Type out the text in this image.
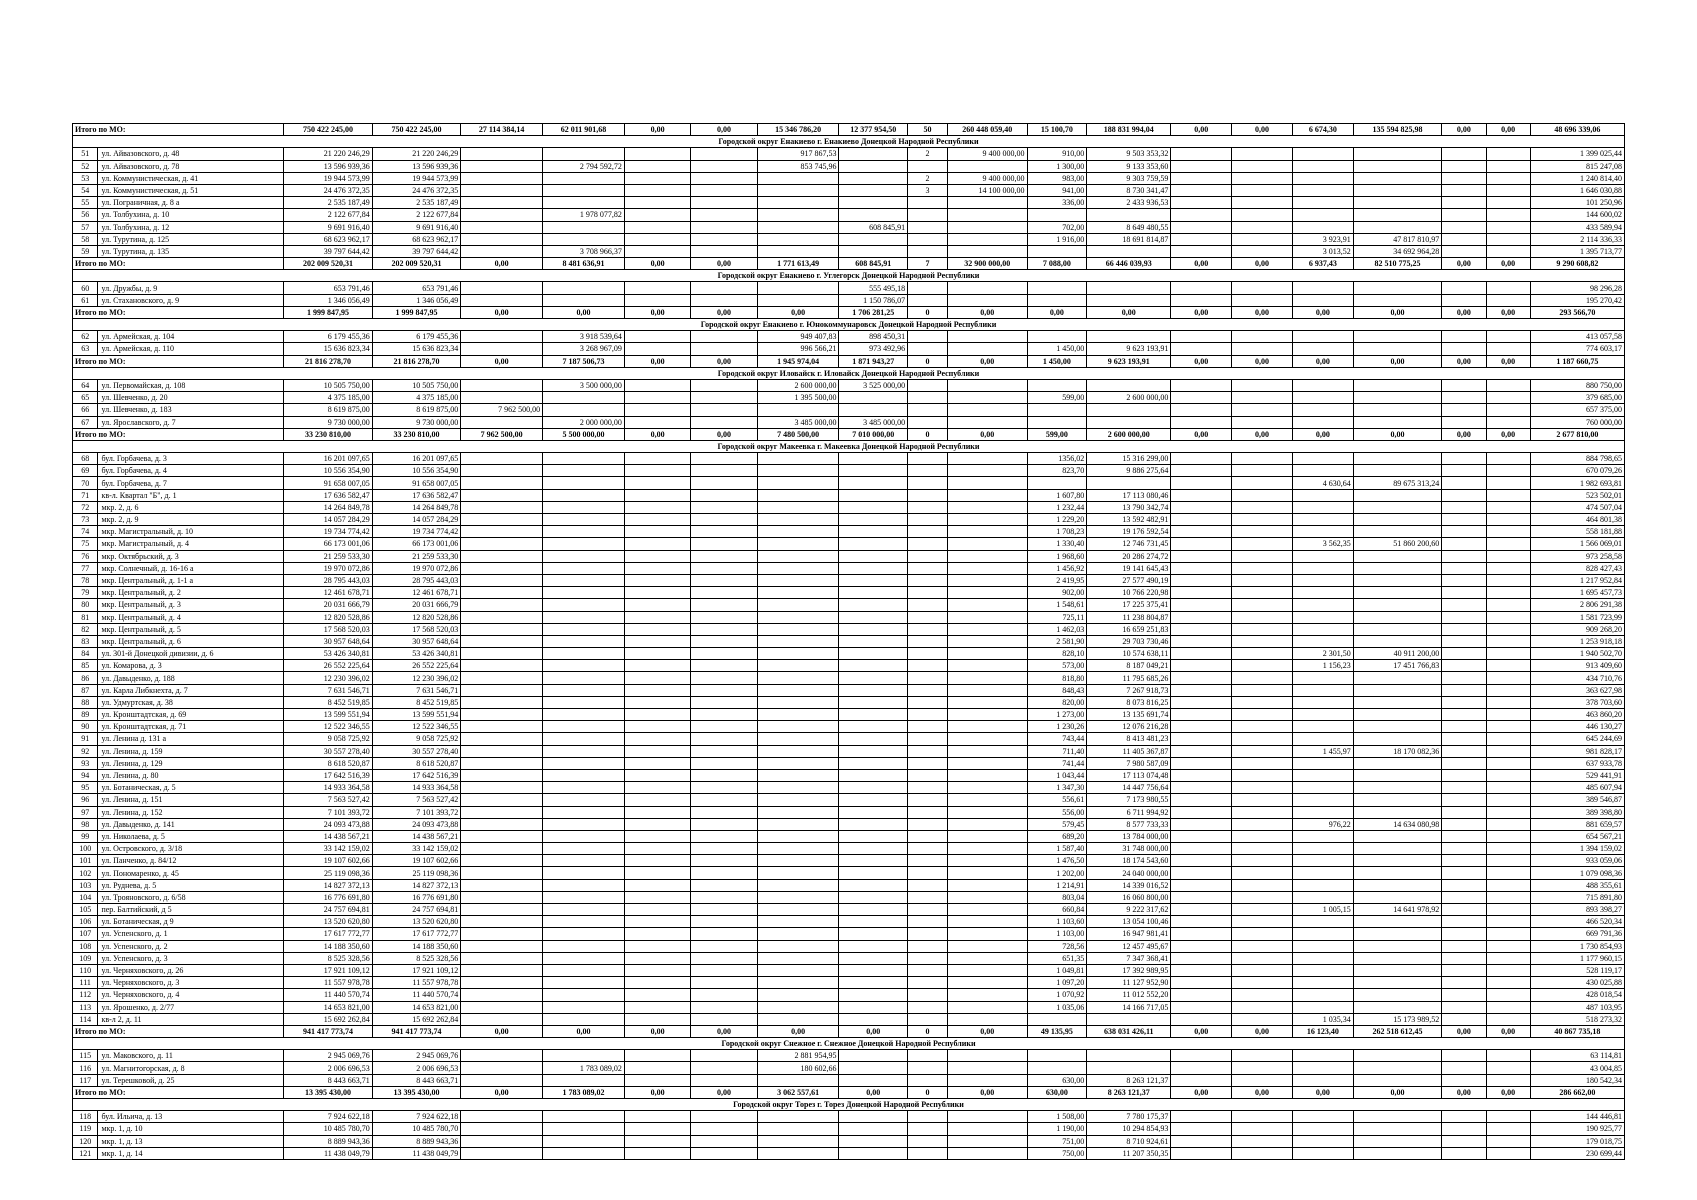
Итого по МО:		750 422 245,00	750 422 245,00	27 114 384,14	62 011 901,68	0,00	0,00	15 346 786,20	12 377 954,50	50	260 448 059,40	15 100,70	188 831 994,04	0,00	0,00	6 674,30	135 594 825,98	0,00	0,00	48 696 339,06
Городской округ Енакиево г. Енакиево Донецкой Народной Республики																				
51	ул. Айвазовского, д. 48	21 220 246,29	21 220 246,29					917 867,53		2	9 400 000,00	910,00	9 503 353,32							1 399 025,44
52	ул. Айвазовского, д. 78	13 596 939,36	13 596 939,36		2 794 592,72			853 745,96				1 300,00	9 133 353,60							815 247,08
53	ул. Коммунистическая, д. 41	19 944 573,99	19 944 573,99							2	9 400 000,00	983,00	9 303 759,59							1 240 814,40
54	ул. Коммунистическая, д. 51	24 476 372,35	24 476 372,35							3	14 100 000,00	941,00	8 730 341,47							1 646 030,88
55	ул. Пограничная, д. 8 а	2 535 187,49	2 535 187,49									336,00	2 433 936,53							101 250,96
56	ул. Толбухина, д. 10	2 122 677,84	2 122 677,84		1 978 077,82															144 600,02
57	ул. Толбухина, д. 12	9 691 916,40	9 691 916,40						608 845,91			702,00	8 649 480,55							433 589,94
58	ул. Турутина, д. 125	68 623 962,17	68 623 962,17									1 916,00	18 691 814,87			3 923,91	47 817 810,97			2 114 336,33
59	ул. Турутина, д. 135	39 797 644,42	39 797 644,42		3 708 966,37											3 013,52	34 692 964,28			1 395 713,77
Итого по МО:		202 009 520,31	202 009 520,31	0,00	8 481 636,91	0,00	0,00	1 771 613,49	608 845,91	7	32 900 000,00	7 088,00	66 446 039,93	0,00	0,00	6 937,43	82 510 775,25	0,00	0,00	9 290 608,82
Городской округ Енакиево г. Углегорск Донецкой Народной Республики																				
60	ул. Дружбы, д. 9	653 791,46	653 791,46						555 495,18											98 296,28
61	ул. Стахановского, д. 9	1 346 056,49	1 346 056,49						1 150 786,07											195 270,42
Итого по МО:		1 999 847,95	1 999 847,95	0,00	0,00	0,00	0,00	0,00	1 706 281,25	0	0,00	0,00	0,00	0,00	0,00	0,00	0,00	0,00	0,00	293 566,70
Городской округ Енакиево г. Юнокоммунаровск Донецкой Народной Республики																				
62	ул. Армейская, д. 104	6 179 455,36	6 179 455,36		3 918 539,64			949 407,83	898 450,31											413 057,58
63	ул. Армейская, д. 110	15 636 823,34	15 636 823,34		3 268 967,09			996 566,21	973 492,96			1 450,00	9 623 193,91							774 603,17
Итого по МО:		21 816 278,70	21 816 278,70	0,00	7 187 506,73	0,00	0,00	1 945 974,04	1 871 943,27	0	0,00	1 450,00	9 623 193,91	0,00	0,00	0,00	0,00	0,00	0,00	1 187 660,75
Городской округ Иловайск г. Иловайск Донецкой Народной Республики																				
64	ул. Первомайская, д. 108	10 505 750,00	10 505 750,00		3 500 000,00			2 600 000,00	3 525 000,00											880 750,00
65	ул. Шевченко, д. 20	4 375 185,00	4 375 185,00					1 395 500,00				599,00	2 600 000,00							379 685,00
66	ул. Шевченко, д. 183	8 619 875,00	8 619 875,00	7 962 500,00																657 375,00
67	ул. Ярославского, д. 7	9 730 000,00	9 730 000,00		2 000 000,00			3 485 000,00	3 485 000,00											760 000,00
Итого по МО:		33 230 810,00	33 230 810,00	7 962 500,00	5 500 000,00	0,00	0,00	7 480 500,00	7 010 000,00	0	0,00	599,00	2 600 000,00	0,00	0,00	0,00	0,00	0,00	0,00	2 677 810,00
Городской округ Макеевка г. Макеевка Донецкой Народной Республики																				
68	бул. Горбачева, д. 3	16 201 097,65	16 201 097,65									1356,02	15 316 299,00							884 798,65
69	бул. Горбачева, д. 4	10 556 354,90	10 556 354,90									823,70	9 886 275,64							670 079,26
70	бул. Горбачева, д. 7	91 658 007,05	91 658 007,05													4 630,64	89 675 313,24			1 982 693,81
71	кв-л. Квартал "Б", д. 1	17 636 582,47	17 636 582,47									1 607,80	17 113 080,46							523 502,01
72	мкр. 2, д. 6	14 264 849,78	14 264 849,78									1 232,44	13 790 342,74							474 507,04
73	мкр. 2, д. 9	14 057 284,29	14 057 284,29									1 229,20	13 592 482,91							464 801,38
74	мкр. Магистральный, д. 10	19 734 774,42	19 734 774,42									1 708,23	19 176 592,54							558 181,88
75	мкр. Магистральный, д. 4	66 173 001,06	66 173 001,06									1 330,40	12 746 731,45			3 562,35	51 860 200,60			1 566 069,01
76	мкр. Октябрьский, д. 3	21 259 533,30	21 259 533,30									1 968,60	20 286 274,72							973 258,58
77	мкр. Солнечный, д. 16-16 а	19 970 072,86	19 970 072,86									1 456,92	19 141 645,43							828 427,43
78	мкр. Центральный, д. 1-1 а	28 795 443,03	28 795 443,03									2 419,95	27 577 490,19							1 217 952,84
79	мкр. Центральный, д. 2	12 461 678,71	12 461 678,71									902,00	10 766 220,98							1 695 457,73
80	мкр. Центральный, д. 3	20 031 666,79	20 031 666,79									1 548,61	17 225 375,41							2 806 291,38
81	мкр. Центральный, д. 4	12 820 528,86	12 820 528,86									725,11	11 238 804,87							1 581 723,99
82	мкр. Центральный, д. 5	17 568 520,03	17 568 520,03									1 462,03	16 659 251,83							909 268,20
83	мкр. Центральный, д. 6	30 957 648,64	30 957 648,64									2 581,90	29 703 730,46							1 253 918,18
84	ул. 301-й Донецкой дивизии, д. 6	53 426 340,81	53 426 340,81									828,10	10 574 638,11			2 301,50	40 911 200,00			1 940 502,70
85	ул. Комарова, д. 3	26 552 225,64	26 552 225,64									573,00	8 187 049,21			1 156,23	17 451 766,83			913 409,60
86	ул. Давыденко, д. 188	12 230 396,02	12 230 396,02									818,80	11 795 685,26							434 710,76
87	ул. Карла Либкнехта, д. 7	7 631 546,71	7 631 546,71									848,43	7 267 918,73							363 627,98
88	ул. Удмуртская, д. 38	8 452 519,85	8 452 519,85									820,00	8 073 816,25							378 703,60
89	ул. Кронштадтская, д. 69	13 599 551,94	13 599 551,94									1 273,00	13 135 691,74							463 860,20
90	ул. Кронштадтская, д. 71	12 522 346,55	12 522 346,55									1 230,26	12 076 216,28							446 130,27
91	ул. Ленина д. 131 а	9 058 725,92	9 058 725,92									743,44	8 413 481,23							645 244,69
92	ул. Ленина, д. 159	30 557 278,40	30 557 278,40									711,40	11 405 367,87			1 455,97	18 170 082,36			981 828,17
93	ул. Ленина, д. 129	8 618 520,87	8 618 520,87									741,44	7 980 587,09							637 933,78
94	ул. Ленина, д. 80	17 642 516,39	17 642 516,39									1 043,44	17 113 074,48							529 441,91
95	ул. Ботаническая, д. 5	14 933 364,58	14 933 364,58									1 347,30	14 447 756,64							485 607,94
96	ул. Ленина, д. 151	7 563 527,42	7 563 527,42									556,61	7 173 980,55							389 546,87
97	ул. Ленина, д. 152	7 101 393,72	7 101 393,72									556,00	6 711 994,92							389 398,80
98	ул. Давыденко, д. 141	24 093 473,88	24 093 473,88									579,45	8 577 733,33			976,22	14 634 080,98			881 659,57
99	ул. Николаева, д. 5	14 438 567,21	14 438 567,21									689,20	13 784 000,00							654 567,21
100	ул. Островского, д. 3/18	33 142 159,02	33 142 159,02									1 587,40	31 748 000,00							1 394 159,02
101	ул. Панченко, д. 84/12	19 107 602,66	19 107 602,66									1 476,50	18 174 543,60							933 059,06
102	ул. Пономаренко, д. 45	25 119 098,36	25 119 098,36									1 202,00	24 040 000,00							1 079 098,36
103	ул. Руднева, д. 5	14 827 372,13	14 827 372,13									1 214,91	14 339 016,52							488 355,61
104	ул. Трояновского, д. 6/58	16 776 691,80	16 776 691,80									803,04	16 060 800,00							715 891,80
105	пер. Балтийский, д 5	24 757 694,81	24 757 694,81									660,84	9 222 317,62			1 005,15	14 641 978,92			893 398,27
106	ул. Ботаническая, д 9	13 520 620,80	13 520 620,80									1 103,60	13 054 100,46							466 520,34
107	ул. Успенского, д. 1	17 617 772,77	17 617 772,77									1 103,00	16 947 981,41							669 791,36
108	ул. Успенского, д. 2	14 188 350,60	14 188 350,60									728,56	12 457 495,67							1 730 854,93
109	ул. Успенского, д. 3	8 525 328,56	8 525 328,56									651,35	7 347 368,41							1 177 960,15
110	ул. Черняховского, д. 26	17 921 109,12	17 921 109,12									1 049,81	17 392 989,95							528 119,17
111	ул. Черняховского, д. 3	11 557 978,78	11 557 978,78									1 097,20	11 127 952,90							430 025,88
112	ул. Черняховского, д. 4	11 440 570,74	11 440 570,74									1 070,92	11 012 552,20							428 018,54
113	ул. Ярошенко, д. 2/77	14 653 821,00	14 653 821,00									1 035,06	14 166 717,05							487 103,95
114	кв-л 2, д. 11	15 692 262,84	15 692 262,84													1 035,34	15 173 989,52			518 273,32
Итого по МО:		941 417 773,74	941 417 773,74	0,00	0,00	0,00	0,00	0,00	0,00	0	0,00	49 135,95	638 031 426,11	0,00	0,00	16 123,40	262 518 612,45	0,00	0,00	40 867 735,18
Городской округ Снежное г. Снежное Донецкой Народной Республики																				
115	ул. Маковского, д. 11	2 945 069,76	2 945 069,76					2 881 954,95												63 114,81
116	ул. Магнитогорская, д. 8	2 006 696,53	2 006 696,53		1 783 089,02			180 602,66												43 004,85
117	ул. Терешковой, д. 25	8 443 663,71	8 443 663,71									630,00	8 263 121,37							180 542,34
Итого по МО:		13 395 430,00	13 395 430,00	0,00	1 783 089,02	0,00	0,00	3 062 557,61	0,00	0	0,00	630,00	8 263 121,37	0,00	0,00	0,00	0,00	0,00	0,00	286 662,00
Городской округ Торез г. Торез Донецкой Народной Республики																				
118	бул. Ильича, д. 13	7 924 622,18	7 924 622,18									1 508,00	7 780 175,37							144 446,81
119	мкр. 1, д. 10	10 485 780,70	10 485 780,70									1 190,00	10 294 854,93							190 925,77
120	мкр. 1, д. 13	8 889 943,36	8 889 943,36									751,00	8 710 924,61							179 018,75
121	мкр. 1, д. 14	11 438 049,79	11 438 049,79									750,00	11 207 350,35							230 699,44
